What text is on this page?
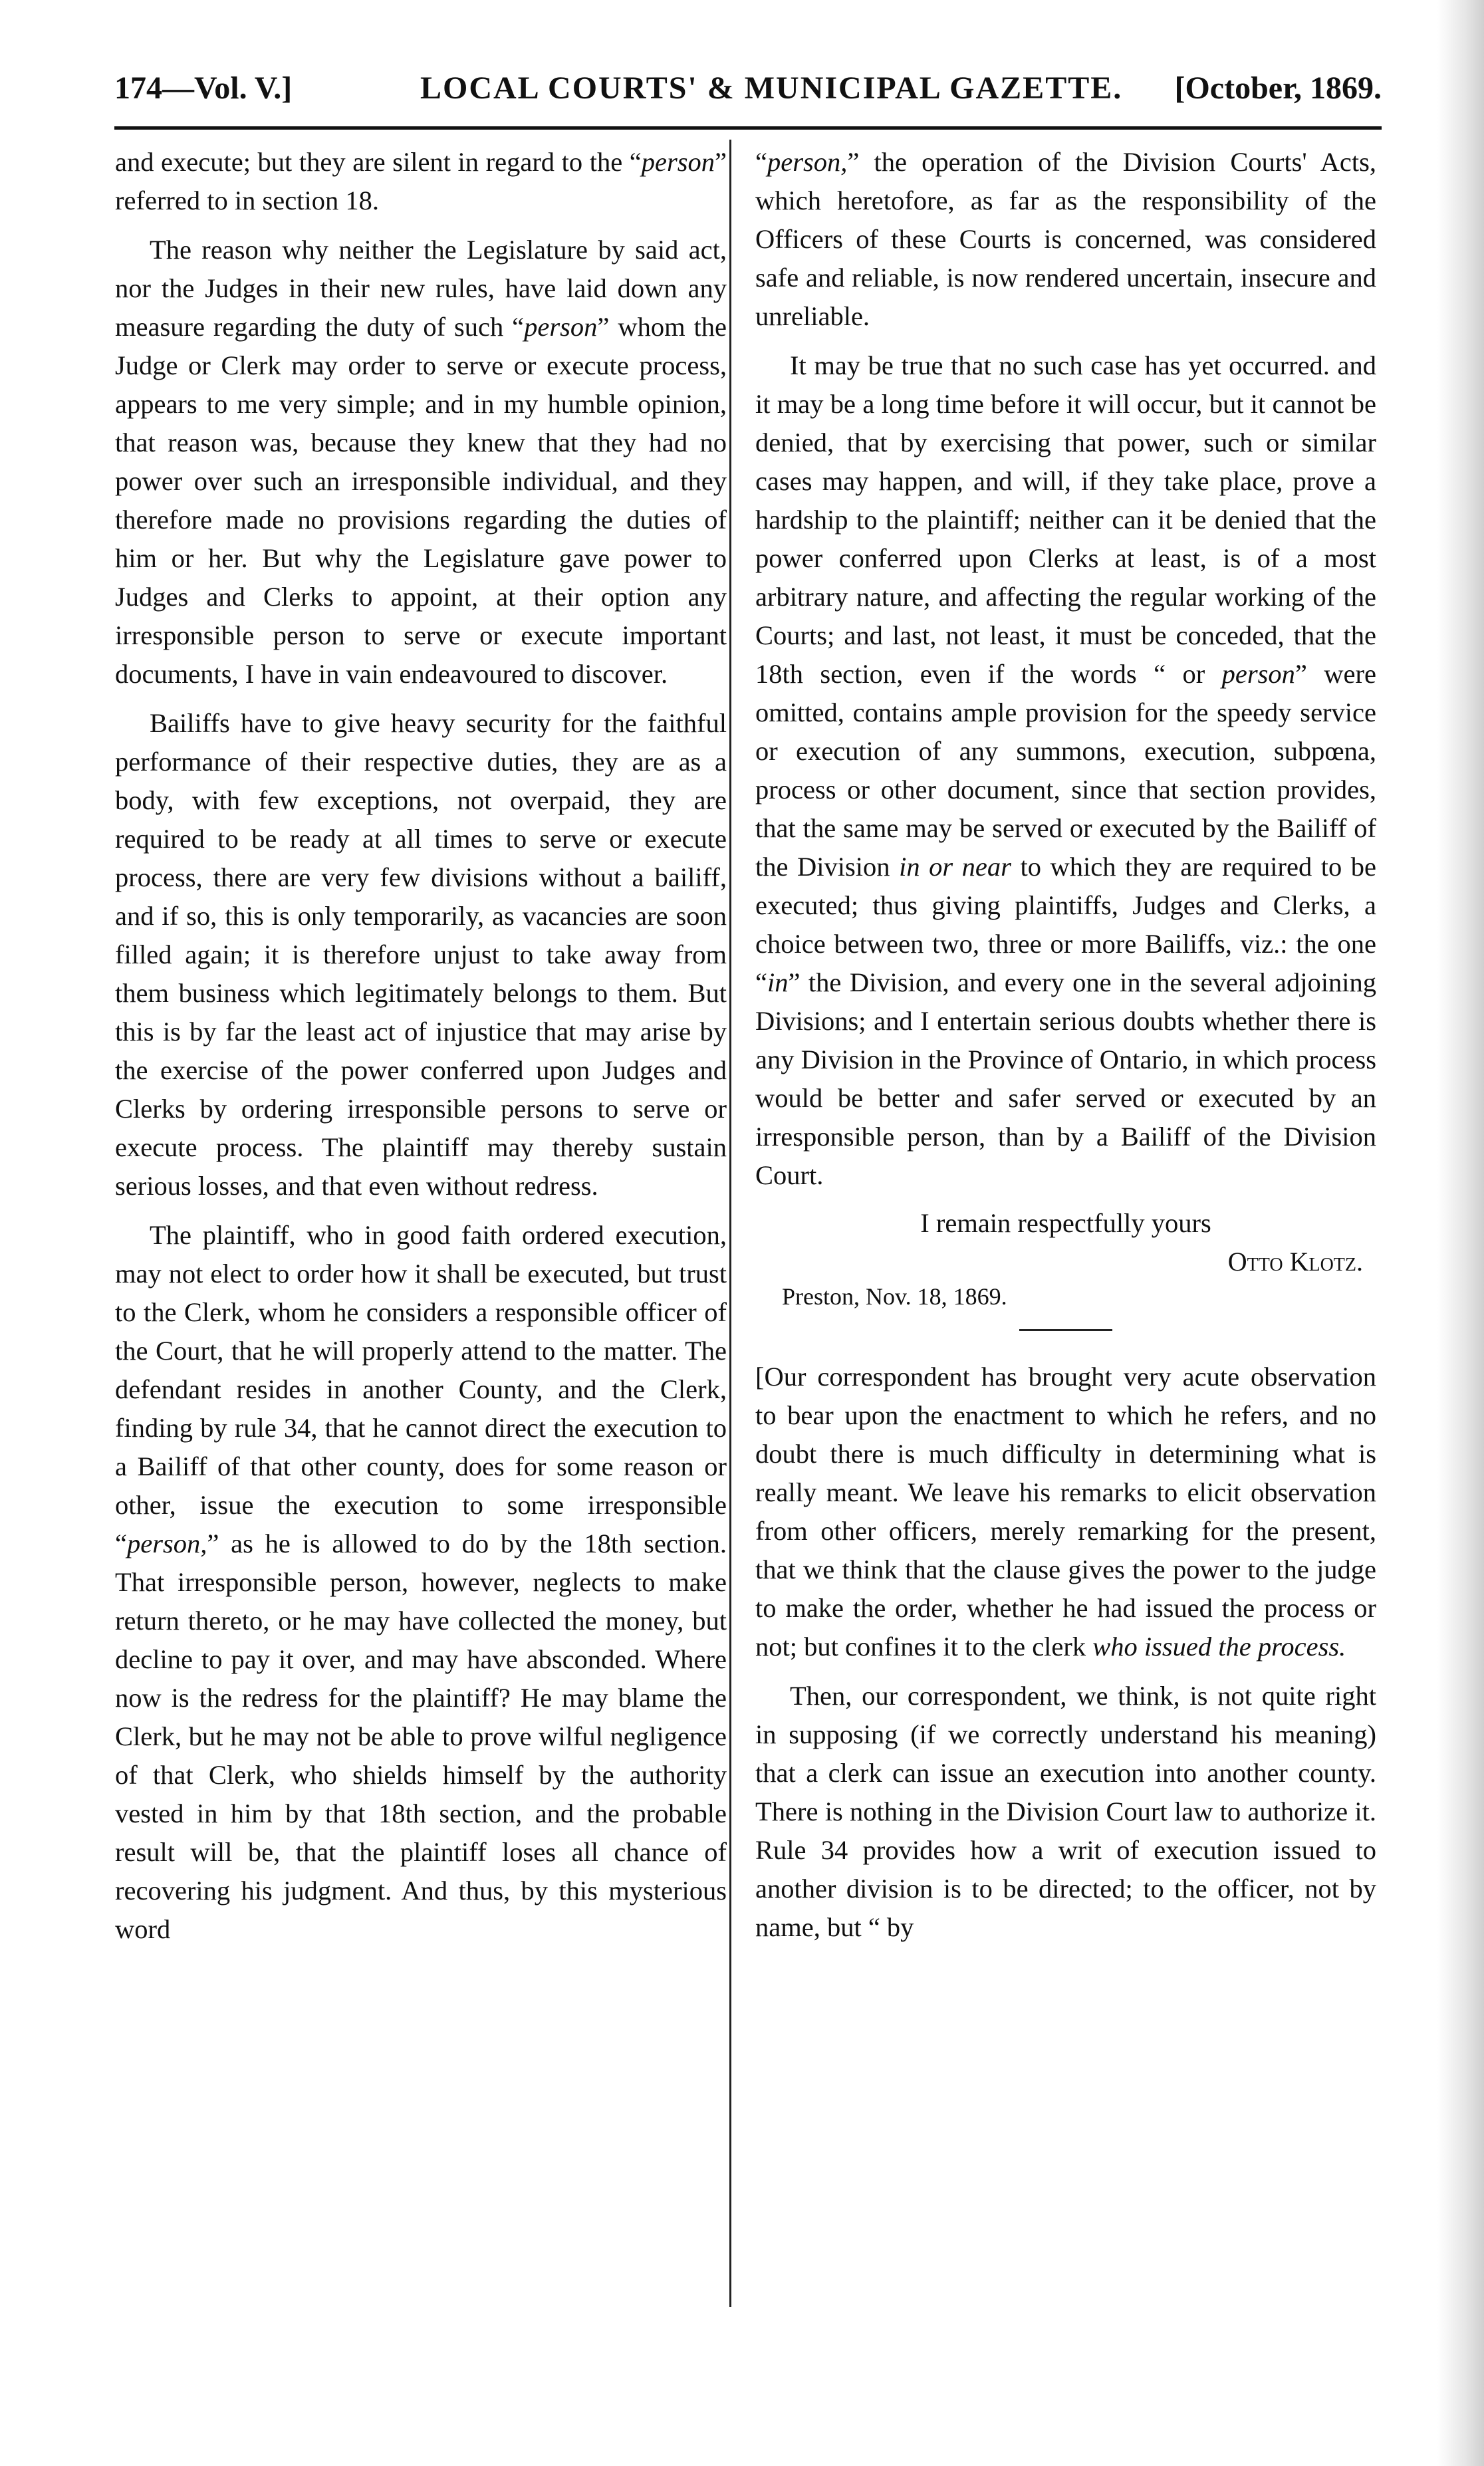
174—Vol. V.]	LOCAL COURTS' & MUNICIPAL GAZETTE. [October, 1869.

and execute; but they are silent in regard to the “person” referred to in section 18.

The reason why neither the Legislature by said act, nor the Judges in their new rules, have laid down any measure regarding the duty of such “person” whom the Judge or Clerk may order to serve or execute process, appears to me very simple; and in my humble opinion, that reason was, because they knew that they had no power over such an irresponsible individual, and they therefore made no provisions regarding the duties of him or her. But why the Legislature gave power to Judges and Clerks to appoint, at their option any irresponsible person to serve or execute important documents, I have in vain endeavoured to discover.

Bailiffs have to give heavy security for the faithful performance of their respective duties, they are as a body, with few exceptions, not overpaid, they are required to be ready at all times to serve or execute process, there are very few divisions without a bailiff, and if so, this is only temporarily, as vacancies are soon filled again; it is therefore unjust to take away from them business which legitimately belongs to them. But this is by far the least act of injustice that may arise by the exercise of the power conferred upon Judges and Clerks by ordering irresponsible persons to serve or execute process. The plaintiff may thereby sustain serious losses, and that even without redress.

The plaintiff, who in good faith ordered execution, may not elect to order how it shall be executed, but trust to the Clerk, whom he considers a responsible officer of the Court, that he will properly attend to the matter. The defendant resides in another County, and the Clerk, finding by rule 34, that he cannot direct the execution to a Bailiff of that other county, does for some reason or other, issue the execution to some irresponsible “person,” as he is allowed to do by the 18th section. That irresponsible person, however, neglects to make return thereto, or he may have collected the money, but decline to pay it over, and may have absconded. Where now is the redress for the plaintiff? He may blame the Clerk, but he may not be able to prove wilful negligence of that Clerk, who shields himself by the authority vested in him by that 18th section, and the probable result will be, that the plaintiff loses all chance of recovering his judgment. And thus, by this mysterious word

“person,” the operation of the Division Courts' Acts, which heretofore, as far as the responsibility of the Officers of these Courts is concerned, was considered safe and reliable, is now rendered uncertain, insecure and unreliable.

It may be true that no such case has yet occurred. and it may be a long time before it will occur, but it cannot be denied, that by exercising that power, such or similar cases may happen, and will, if they take place, prove a hardship to the plaintiff; neither can it be denied that the power conferred upon Clerks at least, is of a most arbitrary nature, and affecting the regular working of the Courts; and last, not least, it must be conceded, that the 18th section, even if the words “ or person” were omitted, contains ample provision for the speedy service or execution of any summons, execution, subpœna, process or other document, since that section provides, that the same may be served or executed by the Bailiff of the Division in or near to which they are required to be executed; thus giving plaintiffs, Judges and Clerks, a choice between two, three or more Bailiffs, viz.: the one “in” the Division, and every one in the several adjoining Divisions; and I entertain serious doubts whether there is any Division in the Province of Ontario, in which process would be better and safer served or executed by an irresponsible person, than by a Bailiff of the Division Court.

I remain respectfully yours

Otto Klotz.
Preston, Nov. 18, 1869.

[Our correspondent has brought very acute observation to bear upon the enactment to which he refers, and no doubt there is much difficulty in determining what is really meant. We leave his remarks to elicit observation from other officers, merely remarking for the present, that we think that the clause gives the power to the judge to make the order, whether he had issued the process or not; but confines it to the clerk who issued the process.

Then, our correspondent, we think, is not quite right in supposing (if we correctly understand his meaning) that a clerk can issue an execution into another county. There is nothing in the Division Court law to authorize it. Rule 34 provides how a writ of execution issued to another division is to be directed; to the officer, not by name, but “ by
